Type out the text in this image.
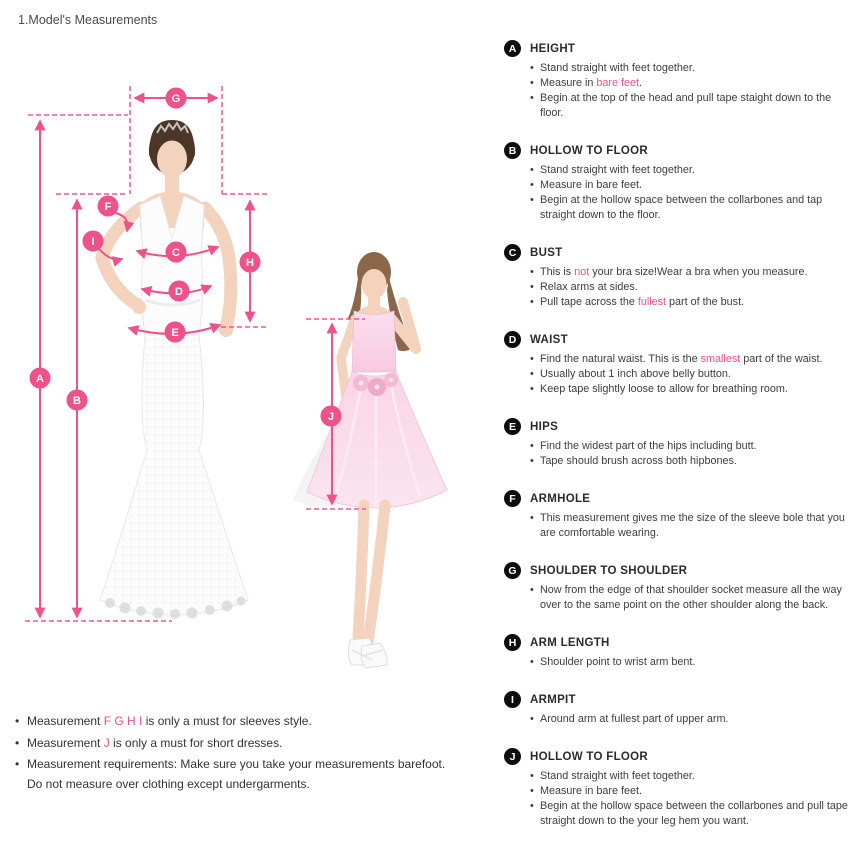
1.Model's Measurements
A
B
C
D
E
F
G
H
I
J
A	HEIGHT
• Stand straight with feet together.
• Measure in bare feet.
• Begin at the top of the head and pull tape staight down to the floor.
B	HOLLOW TO FLOOR
• Stand straight with feet together.
• Measure in bare feet.
• Begin at the hollow space between the collarbones and tap straight down to the floor.
C	BUST
• This is not your bra size!Wear a bra when you measure.
• Relax arms at sides.
• Pull tape across the fullest part of the bust.
D	WAIST
• Find the natural waist. This is the smallest part of the waist.
• Usually about 1 inch above belly button.
• Keep tape slightly loose to allow for breathing room.
E	HIPS
• Find the widest part of the hips including butt.
• Tape should brush across both hipbones.
F	ARMHOLE
• This measurement gives me the size of the sleeve bole that you are comfortable wearing.
G	SHOULDER TO SHOULDER
• Now from the edge of that shoulder socket measure all the way over to the same point on the other shoulder along the back.
H	ARM LENGTH
• Shoulder point to wrist arm bent.
I	ARMPIT
• Around arm at fullest part of upper arm.
J	HOLLOW TO FLOOR
• Stand straight with feet together.
• Measure in bare feet.
• Begin at the hollow space between the collarbones and pull tape straight down to the your leg hem you want.
• Measurement F G H I is only a must for sleeves style.
• Measurement J is only a must for short dresses.
• Measurement requirements: Make sure you take your measurements barefoot.
Do not measure over clothing except undergarments.
